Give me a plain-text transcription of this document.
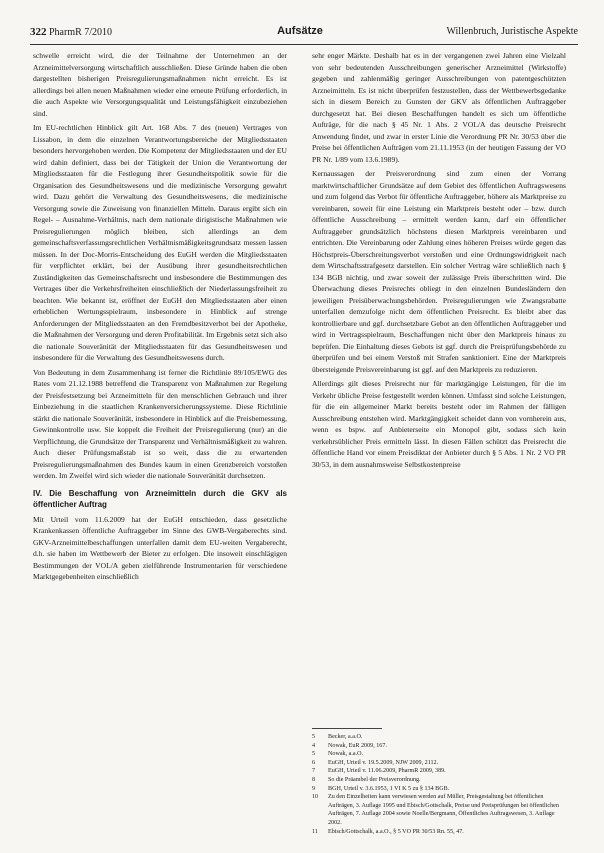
322 PharmR 7/2010	Aufsätze	Willenbruch, Juristische Aspekte

schwelle erreicht wird, die der Teilnahme der Unternehmen an der Arzneimittelversorgung wirtschaftlich ausschließen. Diese Gründe haben die oben dargestellten bisherigen Preisregulierungsmaßnahmen nicht erreicht. Es ist allerdings bei allen neuen Maßnahmen wieder eine erneute Prüfung erforderlich, in die auch Aspekte wie Versorgungsqualität und Leistungsfähigkeit einzubeziehen sind.

Im EU-rechtlichen Hinblick gilt Art. 168 Abs. 7 des (neuen) Vertrages von Lissabon, in dem die einzelnen Verantwortungsbereiche der Mitgliedsstaaten besonders hervorgehoben werden. Die Kompetenz der Mitgliedsstaaten und der EU wird dahin definiert, dass bei der Tätigkeit der Union die Verantwortung der Mitgliedsstaaten für die Festlegung ihrer Gesundheitspolitik sowie für die Organisation des Gesundheitswesens und die medizinische Versorgung gewahrt wird. Dazu gehört die Verwaltung des Gesundheitswesens, die medizinische Versorgung sowie die Zuweisung von finanziellen Mitteln. Daraus ergibt sich ein Regel- – Ausnahme-Verhältnis, nach dem nationale dirigistische Maßnahmen wie Preisregulierungen möglich bleiben, sich allerdings an dem gemeinschaftsverfassungsrechtlichen Verhältnismäßigkeitsgrundsatz messen lassen müssen. In der Doc-Morris-Entscheidung des EuGH werden die Mitgliedsstaaten für verpflichtet erklärt, bei der Ausübung ihrer gesundheitsrechtlichen Zuständigkeiten das Gemeinschaftsrecht und insbesondere die Bestimmungen des Vertrages über die Verkehrsfreiheiten einschließlich der Niederlassungsfreiheit zu beachten. Wie bekannt ist, eröffnet der EuGH den Mitgliedsstaaten aber einen erheblichen Wertungsspielraum, insbesondere in Hinblick auf strenge Anforderungen der Mitgliedsstaaten an den Fremdbesitzverbot bei der Apotheke, die Maßnahmen der Versorgung und deren Profitabilität. Im Ergebnis setzt sich also die nationale Souveränität der Mitgliedsstaaten für das Gesundheitswesen und insbesondere für die Verwaltung des Gesundheitswesens durch.

Von Bedeutung in dem Zusammenhang ist ferner die Richtlinie 89/105/EWG des Rates vom 21.12.1988 betreffend die Transparenz von Maßnahmen zur Regelung der Preisfestsetzung bei Arzneimitteln für den menschlichen Gebrauch und ihrer Einbeziehung in die staatlichen Krankenversicherungssysteme. Diese Richtlinie stärkt die nationale Souveränität, insbesondere in Hinblick auf die Preisbemessung, Gewinnkontrolle usw. Sie koppelt die Freiheit der Preisregulierung (nur) an die Verpflichtung, die Grundsätze der Transparenz und Verhältnismäßigkeit zu wahren. Auch dieser Prüfungsmaßstab ist so weit, dass die zu erwartenden Preisregulierungsmaßnahmen des Bundes kaum in einen Grenzbereich vorstoßen werden. Im Zweifel wird sich wieder die nationale Souveränität durchsetzen.

IV. Die Beschaffung von Arzneimitteln durch die GKV als öffentlicher Auftrag

Mit Urteil vom 11.6.2009 hat der EuGH entschieden, dass gesetzliche Krankenkassen öffentliche Auftraggeber im Sinne des GWB-Vergaberechts sind. GKV-Arzneimittelbeschaffungen unterfallen damit dem EU-weiten Vergaberecht, d.h. sie haben im Wettbewerb der Bieter zu erfolgen. Die insoweit einschlägigen Bestimmungen der VOL/A geben zielführende Instrumentarien für verschiedene Marktgegebenheiten einschließlich

sehr enger Märkte. Deshalb hat es in der vergangenen zwei Jahren eine Vielzahl von sehr bedeutenden Ausschreibungen generischer Arzneimittel (Wirkstoffe) gegeben und zahlenmäßig geringer Ausschreibungen von patentgeschützten Arzneimitteln. Es ist nicht überprüfen festzustellen, dass der Wettbewerbsgedanke sich in diesem Bereich zu Gunsten der GKV als öffentlichen Auftraggeber durchgesetzt hat. Bei diesen Beschaffungen handelt es sich um öffentliche Aufträge, für die nach § 45 Nr. 1 Abs. 2 VOL/A das deutsche Preisrecht Anwendung findet, und zwar in erster Linie die Verordnung PR Nr. 30/53 über die Preise bei öffentlichen Aufträgen vom 21.11.1953 (in der heutigen Fassung der VO PR Nr. 1/89 vom 13.6.1989).

Kernaussagen der Preisverordnung sind zum einen der Vorrang marktwirtschaftlicher Grundsätze auf dem Gebiet des öffentlichen Auftragswesens und zum folgend das Verbot für öffentliche Auftraggeber, höhere als Marktpreise zu vereinbaren, soweit für eine Leistung ein Marktpreis besteht oder – bzw. durch öffentliche Ausschreibung – ermittelt werden kann, darf ein öffentlicher Auftraggeber grundsätzlich höchstens diesen Marktpreis vereinbaren und entrichten. Die Vereinbarung oder Zahlung eines höheren Preises würde gegen das Höchstpreis-Überschreitungsverbot verstoßen und eine Ordnungswidrigkeit nach dem Wirtschaftsstrafgesetz darstellen. Ein solcher Vertrag wäre schließlich nach § 134 BGB nichtig, und zwar soweit der zulässige Preis überschritten wird. Die Überwachung dieses Preisrechts obliegt in den einzelnen Bundesländern den jeweiligen Preisüberwachungsbehörden. Preisregulierungen wie Zwangsrabatte unterfallen demzufolge nicht dem öffentlichen Preisrecht. Es bleibt aber das kontrollierbare und ggf. durchsetzbare Gebot an den öffentlichen Auftraggeber und wird in Vertragsspielraum, Beschaffungen nicht über den Marktpreis hinaus zu beprüfen. Die Einhaltung dieses Gebots ist ggf. durch die Preisprüfungsbehörde zu überprüfen und bei einem Verstoß mit Strafen sanktioniert. Eine der Marktpreis übersteigende Preisvereinbarung ist ggf. auf den Marktpreis zu reduzieren.

Allerdings gilt dieses Preisrecht nur für marktgängige Leistungen, für die im Verkehr übliche Preise festgestellt werden können. Umfasst sind solche Leistungen, für die ein allgemeiner Markt bereits besteht oder im Rahmen der fälligen Ausschreibung entstehen wird. Marktgängigkeit scheidet dann von vornherein aus, wenn es bspw. auf Anbieterseite ein Monopol gibt, sodass sich kein verkehrsüblicher Preis ermitteln lässt. In diesen Fällen schützt das Preisrecht die öffentliche Hand vor einem Preisdiktat der Anbieter durch § 5 Abs. 1 Nr. 2 VO PR 30/53, in dem ausnahmsweise Selbstkostenpreise

5	Becker, a.a.O.
4	Nowak, EuR 2009, 167.
5	Nowak, a.a.O.
6	EuGH, Urteil v. 19.5.2009, NJW 2009, 2112.
7	EuGH, Urteil v. 11.06.2009, PharmR 2009, 389.
8	So die Präambel der Preisverordnung.
9	BGH, Urteil v. 3.6.1953, 1 VI K 5 zu § 134 BGB.
10	Zu den Einzelheiten kann verwiesen werden auf Müller, Preisgestaltung bei öffentlichen Aufträgen, 3. Auflage 1995 und Ebisch/Gottschalk, Preise und Preisprüfungen bei öffentlichen Aufträgen, 7. Auflage 2004 sowie Noelle/Bergmann, Öffentliches Auftragswesen, 3. Auflage 2002.
11	Ebisch/Gottschalk, a.a.O., § 5 VO PR 30/53 Rn. 55, 47.
